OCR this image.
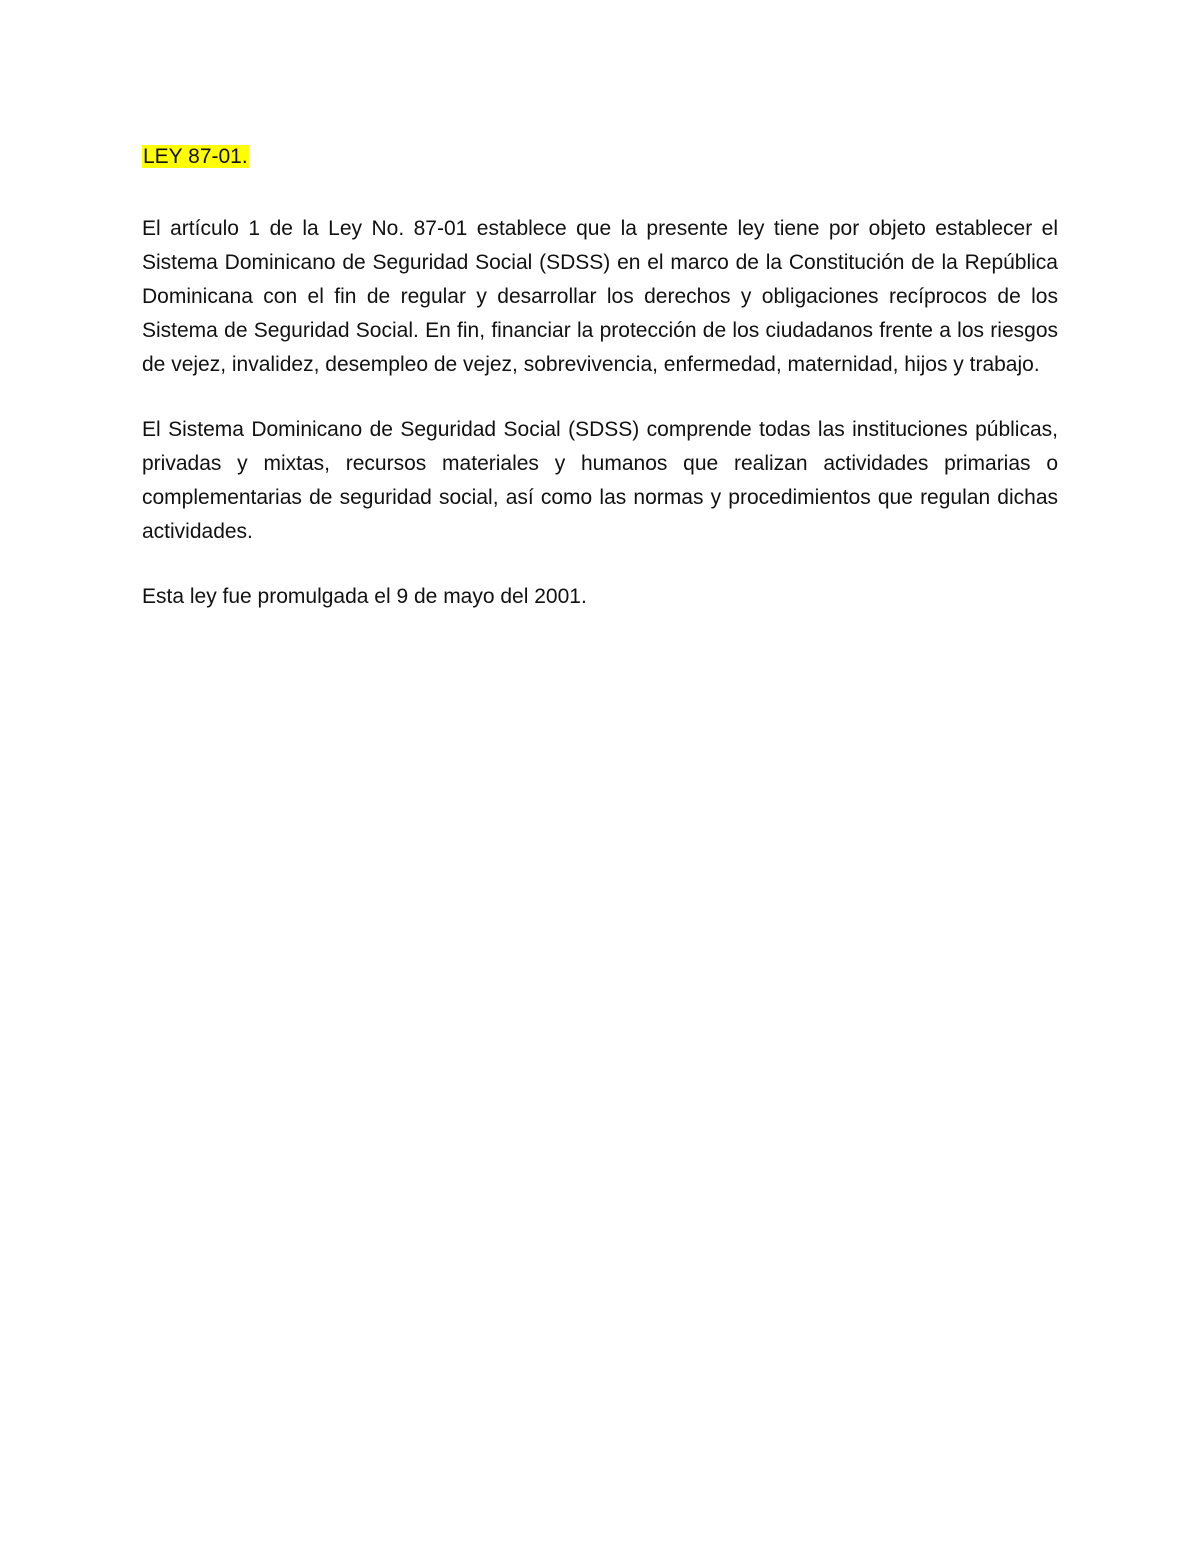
LEY 87-01.

El artículo 1 de la Ley No. 87-01 establece que la presente ley tiene por objeto establecer el Sistema Dominicano de Seguridad Social (SDSS) en el marco de la Constitución de la República Dominicana con el fin de regular y desarrollar los derechos y obligaciones recíprocos de los Sistema de Seguridad Social. En fin, financiar la protección de los ciudadanos frente a los riesgos de vejez, invalidez, desempleo de vejez, sobrevivencia, enfermedad, maternidad, hijos y trabajo.

El Sistema Dominicano de Seguridad Social (SDSS) comprende todas las instituciones públicas, privadas y mixtas, recursos materiales y humanos que realizan actividades primarias o complementarias de seguridad social, así como las normas y procedimientos que regulan dichas actividades.

Esta ley fue promulgada el 9 de mayo del 2001.
